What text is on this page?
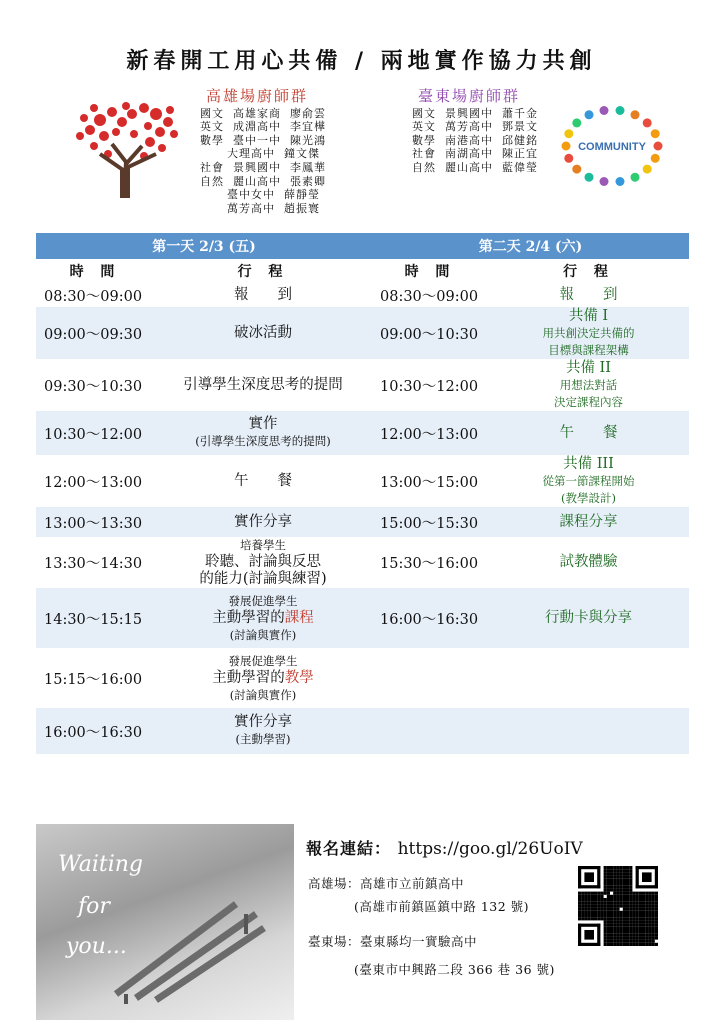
新春開工用心共備 / 兩地實作協力共創
高雄場廚師群
國文  高雄家商  廖俞雲
英文  成淵高中  李宜樺
數學  臺中一中  陳光鴻
大理高中  鐘文傑
社會  景興國中  李鳳華
自然  麗山高中  張素卿
臺中女中  薛靜瑩
萬芳高中  趙振寰
臺東場廚師群
國文  景興國中  蕭千金
英文  萬芳高中  鄧景文
數學  南港高中  邱健銘
社會  南湖高中  陳正宜
自然  麗山高中  藍偉瑩
COMMUNITY
第一天 2/3 (五)		第二天 2/4 (六)	
時 間	行 程	時 間	行 程
08:30～09:00	報　　到	08:30～09:00	報　　到

09:00～09:30	破冰活動	09:00～10:30	共備 I
用共創決定共備的
目標與課程架構

09:30～10:30	引導學生深度思考的提問	10:30～12:00	共備 II
用想法對話
決定課程內容

10:30～12:00	實作
(引導學生深度思考的提問)	12:00～13:00	午　　餐

12:00～13:00	午　　餐	13:00～15:00	共備 III
從第一節課程開始
(教學設計)

13:00～13:30	實作分享	15:00～15:30	課程分享

13:30～14:30	培養學生
聆聽、討論與反思
的能力(討論與練習)	15:30～16:00	試教體驗

14:30～15:15	發展促進學生
主動學習的課程
(討論與實作)	16:00～16:30	行動卡與分享

15:15～16:00	發展促進學生
主動學習的教學
(討論與實作)		

16:00～16:30	實作分享
(主動學習)		

Waiting
for
you...
報名連結： https://goo.gl/26UoIV
高雄場：高雄市立前鎮高中
(高雄市前鎮區鎮中路 132 號)
臺東場：臺東縣均一實驗高中
(臺東市中興路二段 366 巷 36 號)
